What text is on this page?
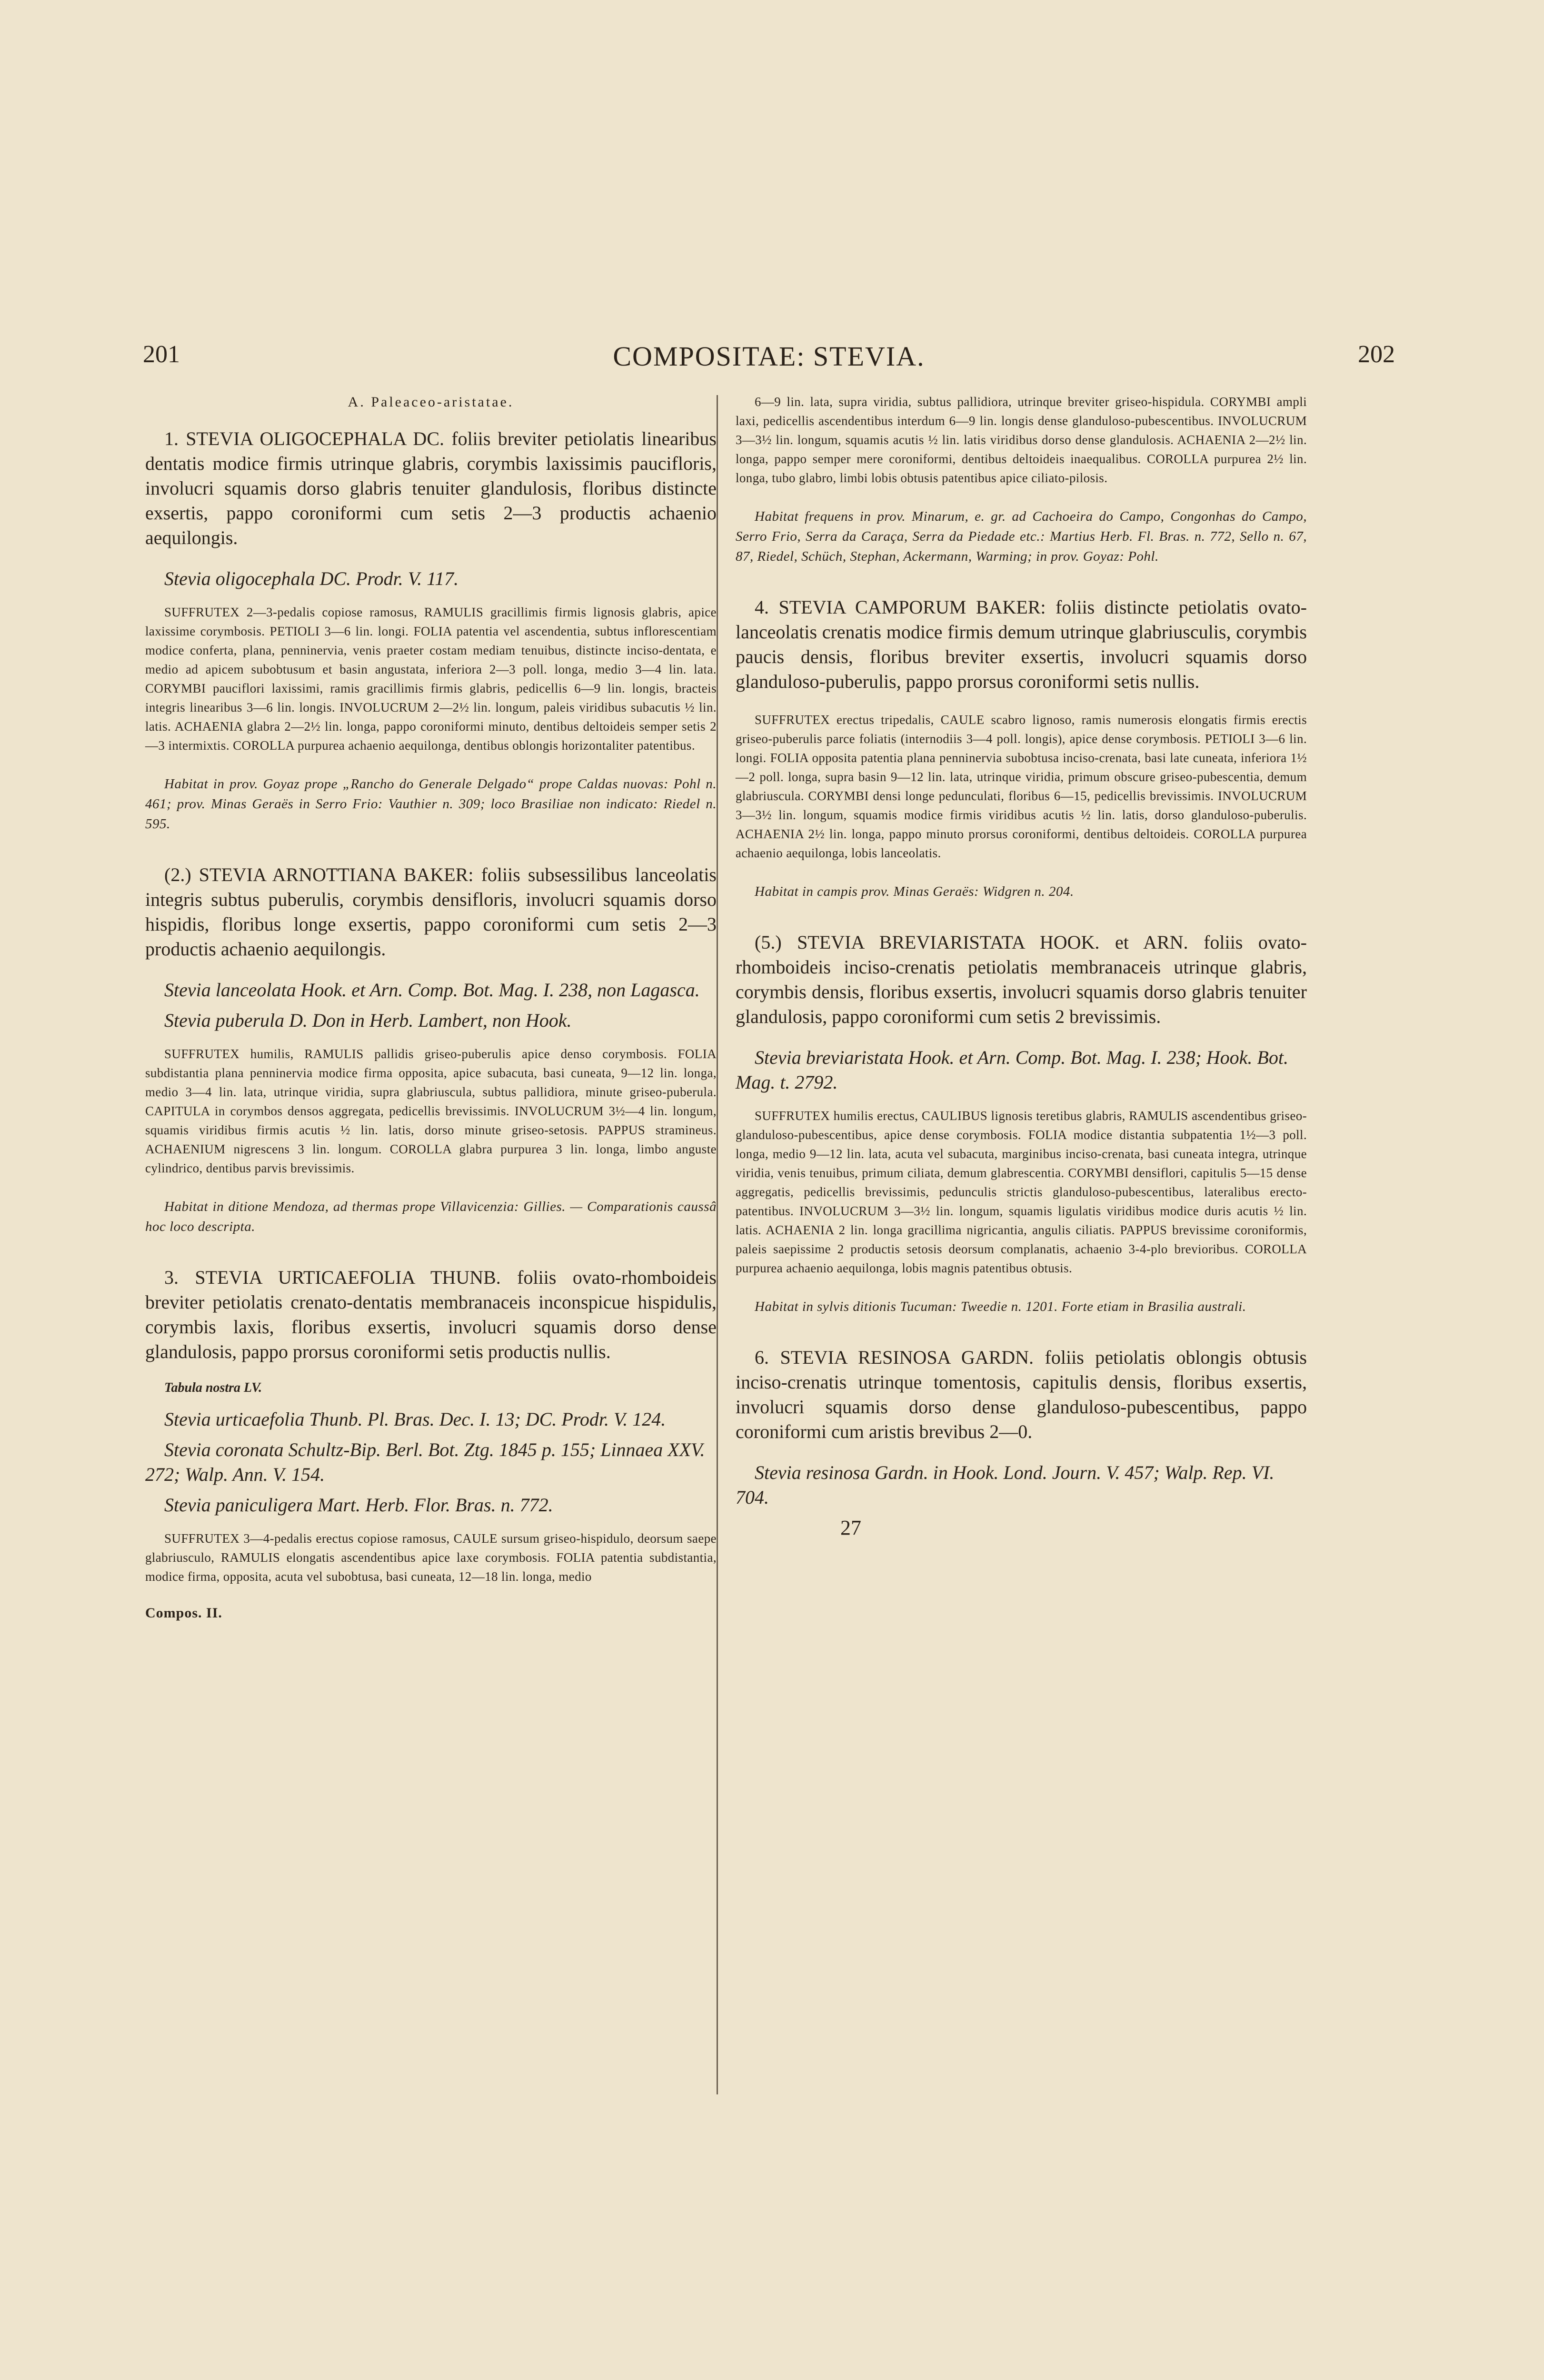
201	COMPOSITAE: STEVIA.	202
A. Paleaceo-aristatae.

1. STEVIA OLIGOCEPHALA DC. foliis breviter petiolatis linearibus dentatis modice firmis utrinque glabris, corymbis laxissimis paucifloris, involucri squamis dorso glabris tenuiter glandulosis, floribus distincte exsertis, pappo coroniformi cum setis 2—3 productis achaenio aequilongis.

Stevia oligocephala DC. Prodr. V. 117.

SUFFRUTEX 2—3-pedalis copiose ramosus, RAMULIS gracillimis firmis lignosis glabris, apice laxissime corymbosis. PETIOLI 3—6 lin. longi. FOLIA patentia vel ascendentia, subtus inflorescentiam modice conferta, plana, penninervia, venis praeter costam mediam tenuibus, distincte inciso-dentata, e medio ad apicem subobtusum et basin angustata, inferiora 2—3 poll. longa, medio 3—4 lin. lata. CORYMBI pauciflori laxissimi, ramis gracillimis firmis glabris, pedicellis 6—9 lin. longis, bracteis integris linearibus 3—6 lin. longis. INVOLUCRUM 2—2½ lin. longum, paleis viridibus subacutis ½ lin. latis. ACHAENIA glabra 2—2½ lin. longa, pappo coroniformi minuto, dentibus deltoideis semper setis 2—3 intermixtis. COROLLA purpurea achaenio aequilonga, dentibus oblongis horizontaliter patentibus.

Habitat in prov. Goyaz prope „Rancho do Generale Delgado“ prope Caldas nuovas: Pohl n. 461; prov. Minas Geraës in Serro Frio: Vauthier n. 309; loco Brasiliae non indicato: Riedel n. 595.

(2.) STEVIA ARNOTTIANA BAKER: foliis subsessilibus lanceolatis integris subtus puberulis, corymbis densifloris, involucri squamis dorso hispidis, floribus longe exsertis, pappo coroniformi cum setis 2—3 productis achaenio aequilongis.

Stevia lanceolata Hook. et Arn. Comp. Bot. Mag. I. 238, non Lagasca.

Stevia puberula D. Don in Herb. Lambert, non Hook.

SUFFRUTEX humilis, RAMULIS pallidis griseo-puberulis apice denso corymbosis. FOLIA subdistantia plana penninervia modice firma opposita, apice subacuta, basi cuneata, 9—12 lin. longa, medio 3—4 lin. lata, utrinque viridia, supra glabriuscula, subtus pallidiora, minute griseo-puberula. CAPITULA in corymbos densos aggregata, pedicellis brevissimis. INVOLUCRUM 3½—4 lin. longum, squamis viridibus firmis acutis ½ lin. latis, dorso minute griseo-setosis. PAPPUS stramineus. ACHAENIUM nigrescens 3 lin. longum. COROLLA glabra purpurea 3 lin. longa, limbo anguste cylindrico, dentibus parvis brevissimis.

Habitat in ditione Mendoza, ad thermas prope Villavicenzia: Gillies. — Comparationis caussâ hoc loco descripta.

3. STEVIA URTICAEFOLIA THUNB. foliis ovato-rhomboideis breviter petiolatis crenato-dentatis membranaceis inconspicue hispidulis, corymbis laxis, floribus exsertis, involucri squamis dorso dense glandulosis, pappo prorsus coroniformi setis productis nullis.

Tabula nostra LV.

Stevia urticaefolia Thunb. Pl. Bras. Dec. I. 13; DC. Prodr. V. 124.

Stevia coronata Schultz-Bip. Berl. Bot. Ztg. 1845 p. 155; Linnaea XXV. 272; Walp. Ann. V. 154.

Stevia paniculigera Mart. Herb. Flor. Bras. n. 772.

SUFFRUTEX 3—4-pedalis erectus copiose ramosus, CAULE sursum griseo-hispidulo, deorsum saepe glabriusculo, RAMULIS elongatis ascendentibus apice laxe corymbosis. FOLIA patentia subdistantia, modice firma, opposita, acuta vel subobtusa, basi cuneata, 12—18 lin. longa, medio

Compos. II.

6—9 lin. lata, supra viridia, subtus pallidiora, utrinque breviter griseo-hispidula. CORYMBI ampli laxi, pedicellis ascendentibus interdum 6—9 lin. longis dense glanduloso-pubescentibus. INVOLUCRUM 3—3½ lin. longum, squamis acutis ½ lin. latis viridibus dorso dense glandulosis. ACHAENIA 2—2½ lin. longa, pappo semper mere coroniformi, dentibus deltoideis inaequalibus. COROLLA purpurea 2½ lin. longa, tubo glabro, limbi lobis obtusis patentibus apice ciliato-pilosis.

Habitat frequens in prov. Minarum, e. gr. ad Cachoeira do Campo, Congonhas do Campo, Serro Frio, Serra da Caraça, Serra da Piedade etc.: Martius Herb. Fl. Bras. n. 772, Sello n. 67, 87, Riedel, Schüch, Stephan, Ackermann, Warming; in prov. Goyaz: Pohl.

4. STEVIA CAMPORUM BAKER: foliis distincte petiolatis ovato-lanceolatis crenatis modice firmis demum utrinque glabriusculis, corymbis paucis densis, floribus breviter exsertis, involucri squamis dorso glanduloso-puberulis, pappo prorsus coroniformi setis nullis.

SUFFRUTEX erectus tripedalis, CAULE scabro lignoso, ramis numerosis elongatis firmis erectis griseo-puberulis parce foliatis (internodiis 3—4 poll. longis), apice dense corymbosis. PETIOLI 3—6 lin. longi. FOLIA opposita patentia plana penninervia subobtusa inciso-crenata, basi late cuneata, inferiora 1½—2 poll. longa, supra basin 9—12 lin. lata, utrinque viridia, primum obscure griseo-pubescentia, demum glabriuscula. CORYMBI densi longe pedunculati, floribus 6—15, pedicellis brevissimis. INVOLUCRUM 3—3½ lin. longum, squamis modice firmis viridibus acutis ½ lin. latis, dorso glanduloso-puberulis. ACHAENIA 2½ lin. longa, pappo minuto prorsus coroniformi, dentibus deltoideis. COROLLA purpurea achaenio aequilonga, lobis lanceolatis.

Habitat in campis prov. Minas Geraës: Widgren n. 204.

(5.) STEVIA BREVIARISTATA HOOK. et ARN. foliis ovato-rhomboideis inciso-crenatis petiolatis membranaceis utrinque glabris, corymbis densis, floribus exsertis, involucri squamis dorso glabris tenuiter glandulosis, pappo coroniformi cum setis 2 brevissimis.

Stevia breviaristata Hook. et Arn. Comp. Bot. Mag. I. 238; Hook. Bot. Mag. t. 2792.

SUFFRUTEX humilis erectus, CAULIBUS lignosis teretibus glabris, RAMULIS ascendentibus griseo-glanduloso-pubescentibus, apice dense corymbosis. FOLIA modice distantia subpatentia 1½—3 poll. longa, medio 9—12 lin. lata, acuta vel subacuta, marginibus inciso-crenata, basi cuneata integra, utrinque viridia, venis tenuibus, primum ciliata, demum glabrescentia. CORYMBI densiflori, capitulis 5—15 dense aggregatis, pedicellis brevissimis, pedunculis strictis glanduloso-pubescentibus, lateralibus erecto-patentibus. INVOLUCRUM 3—3½ lin. longum, squamis ligulatis viridibus modice duris acutis ½ lin. latis. ACHAENIA 2 lin. longa gracillima nigricantia, angulis ciliatis. PAPPUS brevissime coroniformis, paleis saepissime 2 productis setosis deorsum complanatis, achaenio 3-4-plo brevioribus. COROLLA purpurea achaenio aequilonga, lobis magnis patentibus obtusis.

Habitat in sylvis ditionis Tucuman: Tweedie n. 1201. Forte etiam in Brasilia australi.

6. STEVIA RESINOSA GARDN. foliis petiolatis oblongis obtusis inciso-crenatis utrinque tomentosis, capitulis densis, floribus exsertis, involucri squamis dorso dense glanduloso-pubescentibus, pappo coroniformi cum aristis brevibus 2—0.

Stevia resinosa Gardn. in Hook. Lond. Journ. V. 457; Walp. Rep. VI. 704.

27
